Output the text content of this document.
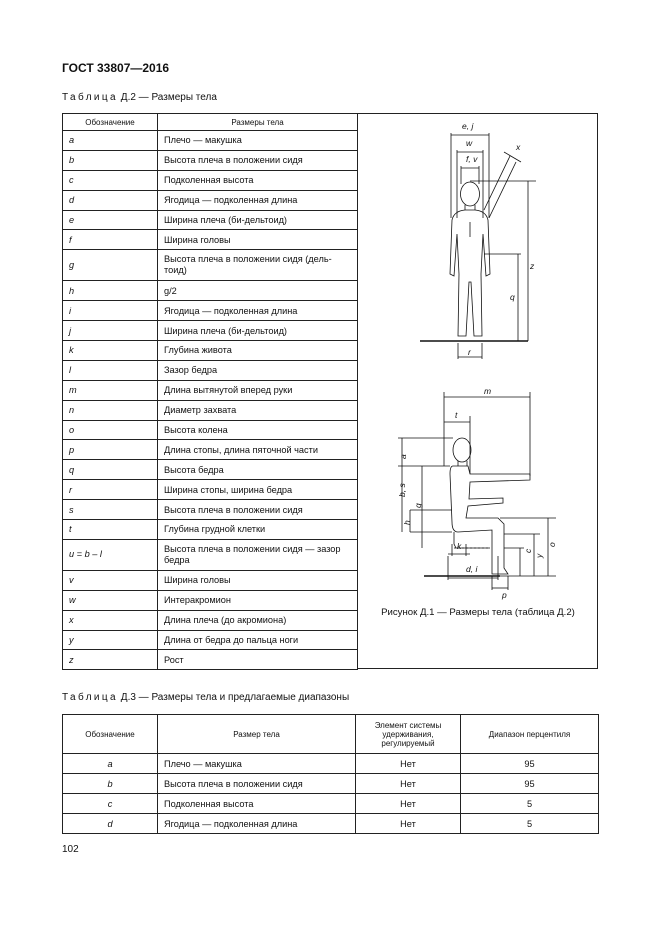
ГОСТ 33807—2016
Таблица Д.2 — Размеры тела
Обозначение	Размеры тела
a	Плечо — макушка
b	Высота плеча в положении сидя
c	Подколенная высота
d	Ягодица — подколенная длина
e	Ширина плеча (би-дельтоид)
f	Ширина головы
g	Высота плеча в положении сидя (дель-тоид)
h	g/2
i	Ягодица — подколенная длина
j	Ширина плеча (би-дельтоид)
k	Глубина живота
l	Зазор бедра
m	Длина вытянутой вперед руки
n	Диаметр захвата
o	Высота колена
p	Длина стопы, длина пяточной части
q	Высота бедра
r	Ширина стопы, ширина бедра
s	Высота плеча в положении сидя
t	Глубина грудной клетки
u = b – l	Высота плеча в положении сидя — зазор бедра
v	Ширина головы
w	Интеракромион
x	Длина плеча (до акромиона)
y	Длина от бедра до пальца ноги
z	Рост
e, j
w
f, v
x
z
q
r
m
t
a
b, s
g
h
k	o
c
y
d, i
p
Рисунок Д.1 — Размеры тела (таблица Д.2)
Таблица Д.3 — Размеры тела и предлагаемые диапазоны
Обозначение	Размер тела	Элемент системы удерживания, регулируемый	Диапазон перцентиля
a	Плечо — макушка	Нет	95
b	Высота плеча в положении сидя	Нет	95
c	Подколенная высота	Нет	5
d	Ягодица — подколенная длина	Нет	5
102
